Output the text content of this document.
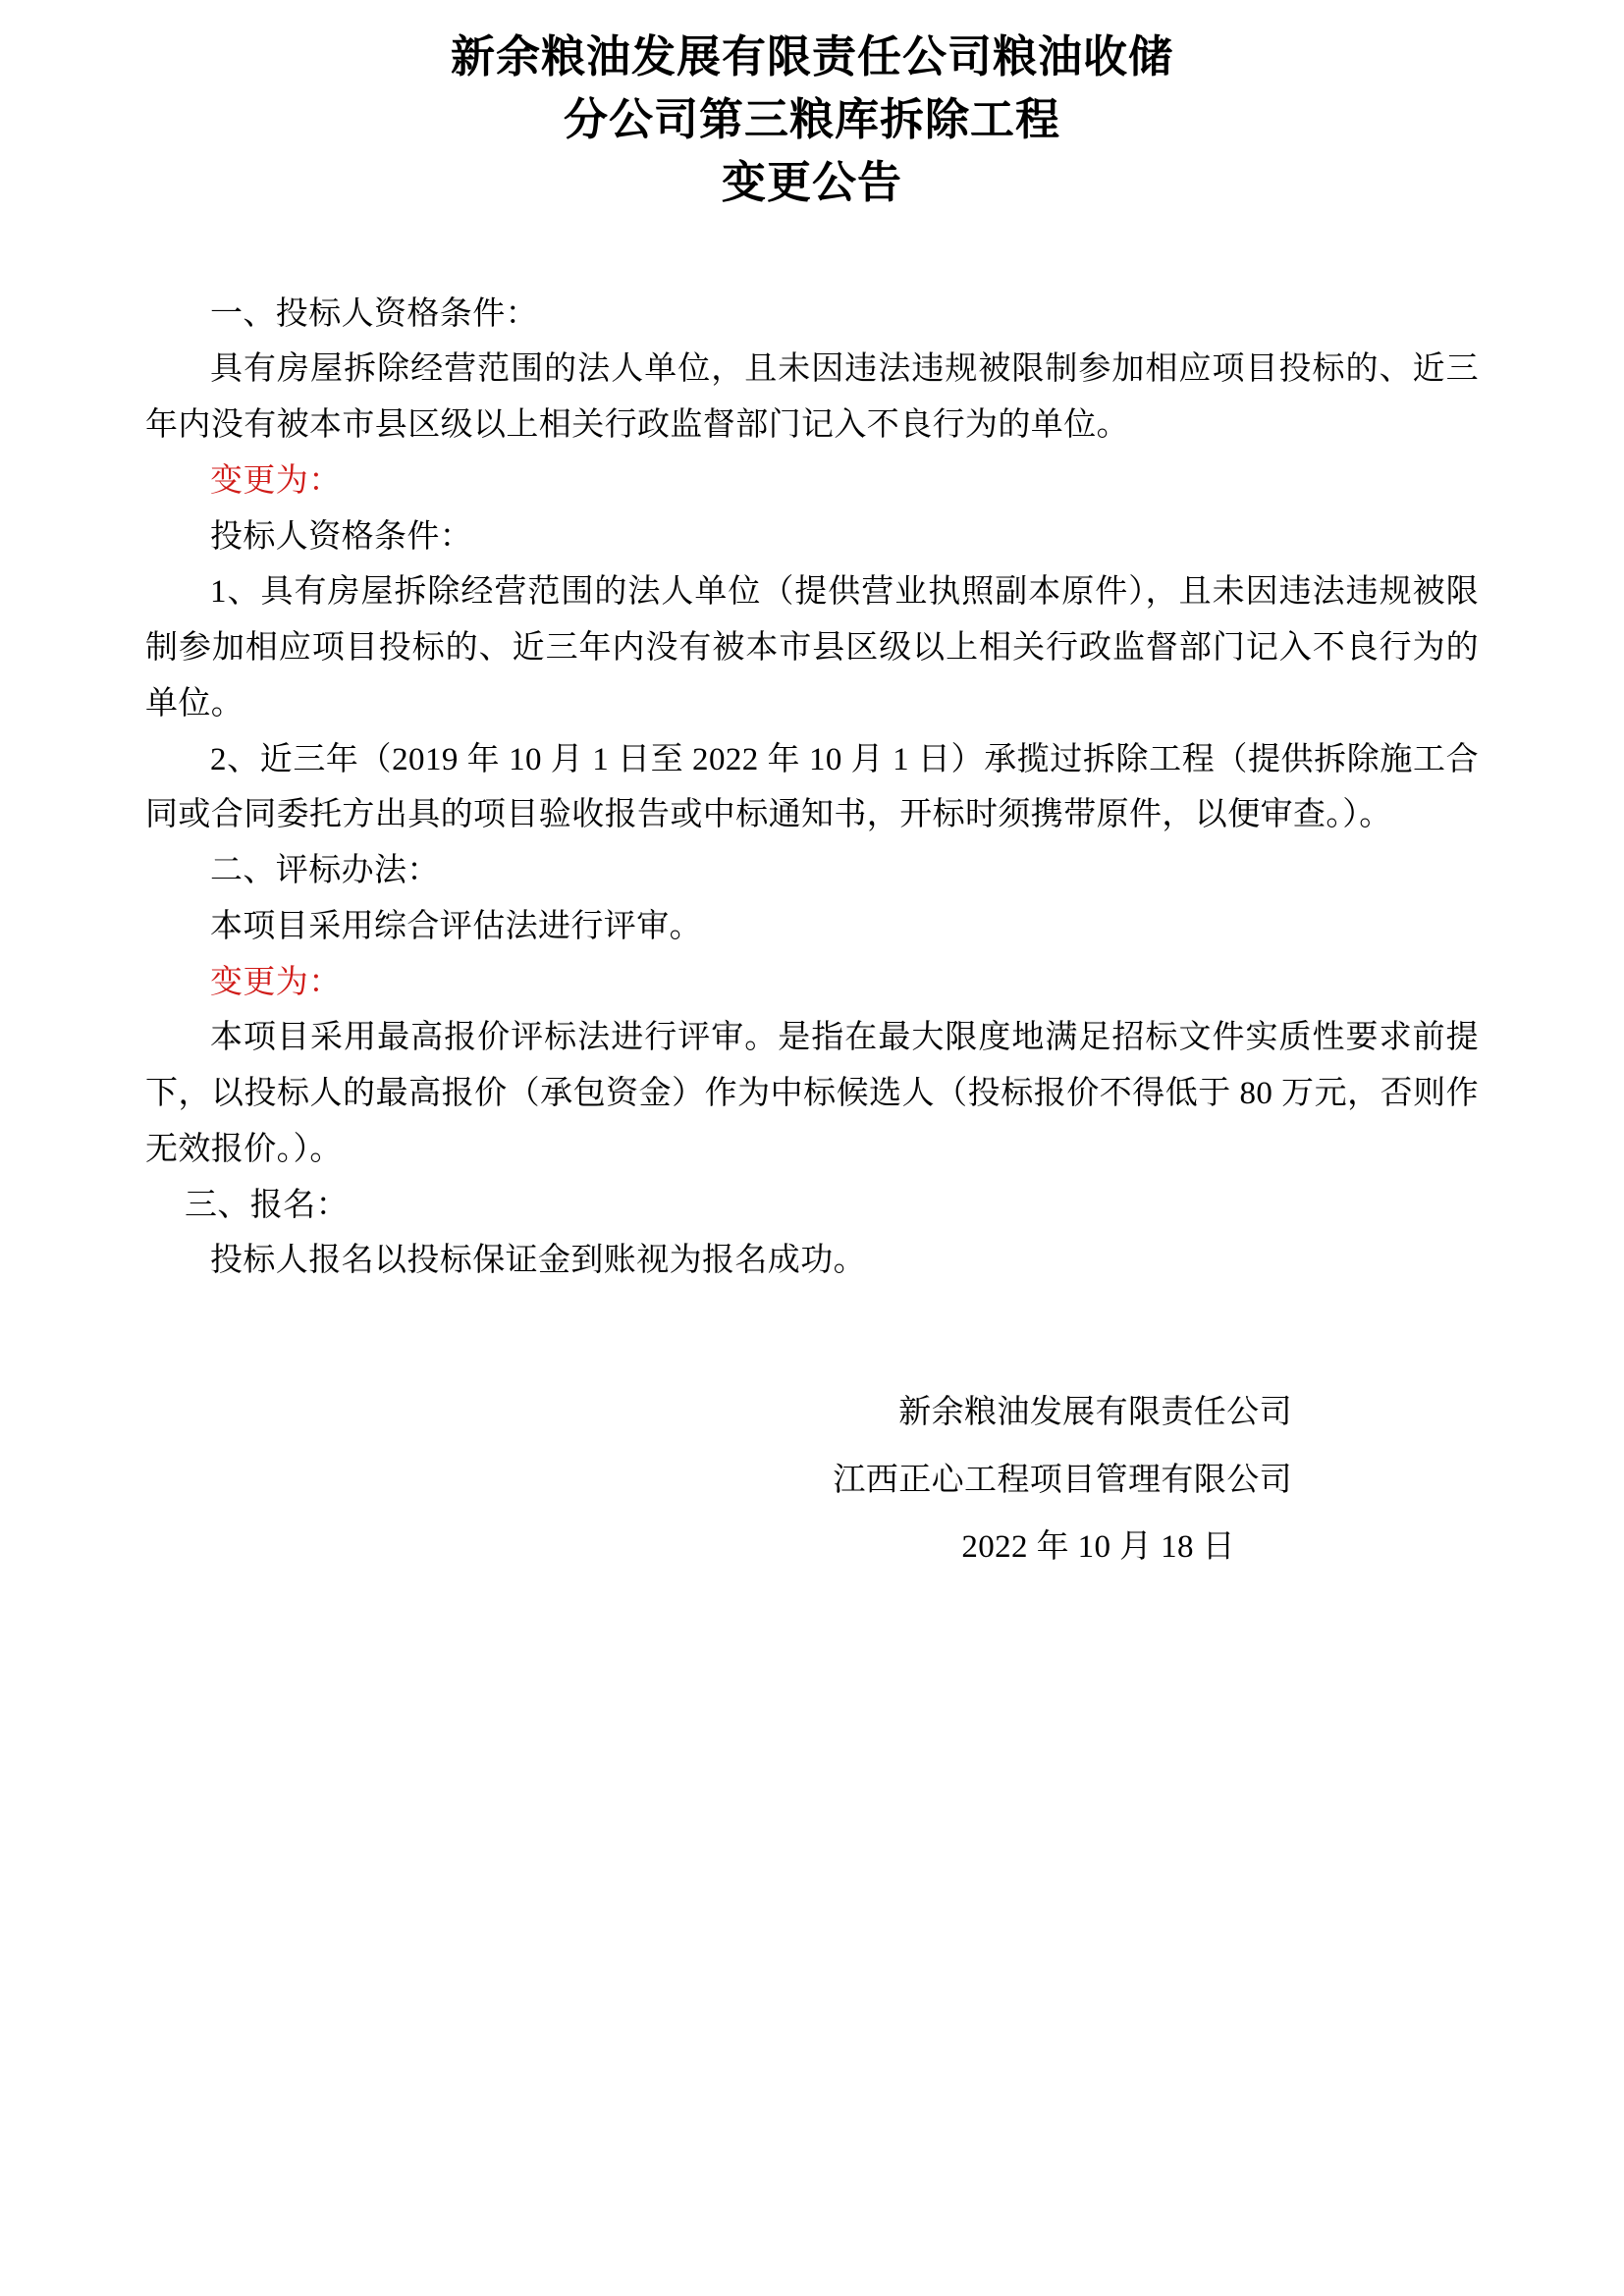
新余粮油发展有限责任公司粮油收储
分公司第三粮库拆除工程
变更公告

一、投标人资格条件：

具有房屋拆除经营范围的法人单位，且未因违法违规被限制参加相应项目投标的、近三年内没有被本市县区级以上相关行政监督部门记入不良行为的单位。

变更为：

投标人资格条件：

1、具有房屋拆除经营范围的法人单位（提供营业执照副本原件），且未因违法违规被限制参加相应项目投标的、近三年内没有被本市县区级以上相关行政监督部门记入不良行为的单位。

2、近三年（2019 年 10 月 1 日至 2022 年 10 月 1 日）承揽过拆除工程（提供拆除施工合同或合同委托方出具的项目验收报告或中标通知书，开标时须携带原件，以便审查。）。

二、评标办法：

本项目采用综合评估法进行评审。

变更为：

本项目采用最高报价评标法进行评审。是指在最大限度地满足招标文件实质性要求前提下，以投标人的最高报价（承包资金）作为中标候选人（投标报价不得低于 80 万元，否则作无效报价。）。

三、报名：

投标人报名以投标保证金到账视为报名成功。

新余粮油发展有限责任公司
江西正心工程项目管理有限公司
2022 年 10 月 18 日
